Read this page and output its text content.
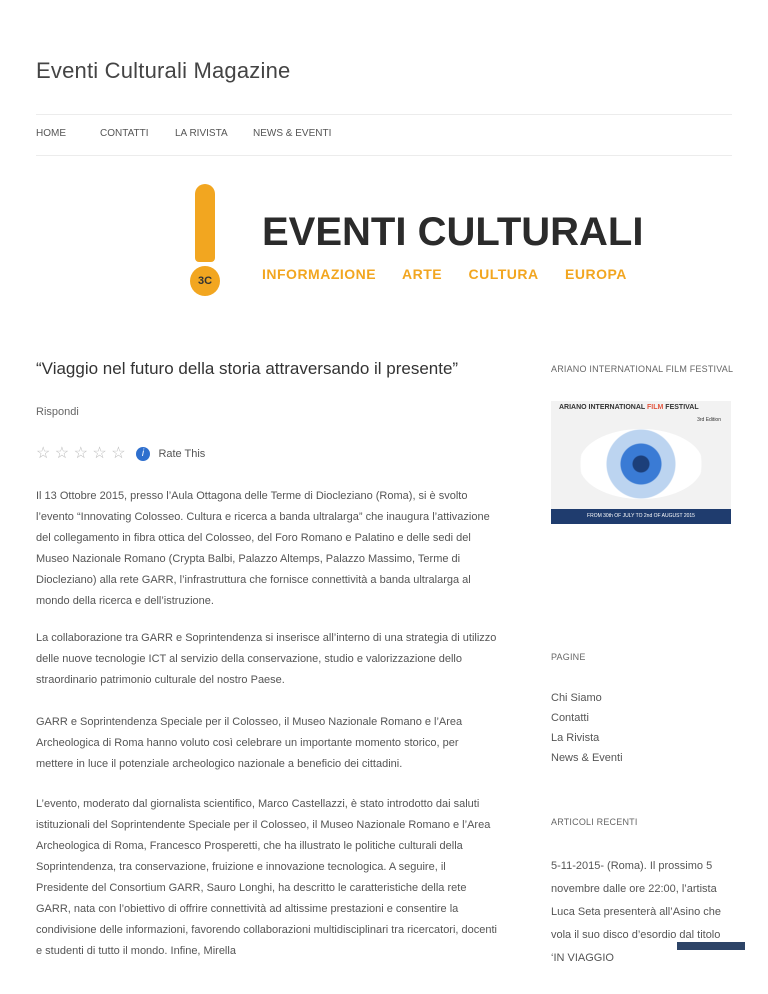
Eventi Culturali Magazine
HOME	CONTATTI	LA RIVISTA	NEWS & EVENTI
3C
EVENTI CULTURALI
INFORMAZIONE ARTE CULTURA EUROPA
“Viaggio nel futuro della storia attraversando il presente”
Rispondi
☆ ☆ ☆ ☆ ☆ i Rate This

Il 13 Ottobre 2015, presso l’Aula Ottagona delle Terme di Diocleziano (Roma), si è svolto l’evento “Innovating Colosseo. Cultura e ricerca a banda ultralarga” che inaugura l’attivazione del collegamento in fibra ottica del Colosseo, del Foro Romano e Palatino e delle sedi del Museo Nazionale Romano (Crypta Balbi, Palazzo Altemps, Palazzo Massimo, Terme di Diocleziano) alla rete GARR, l’infrastruttura che fornisce connettività a banda ultralarga al mondo della ricerca e dell’istruzione.

La collaborazione tra GARR e Soprintendenza si inserisce all’interno di una strategia di utilizzo delle nuove tecnologie ICT al servizio della conservazione, studio e valorizzazione dello straordinario patrimonio culturale del nostro Paese.

GARR e Soprintendenza Speciale per il Colosseo, il Museo Nazionale Romano e l’Area Archeologica di Roma hanno voluto così celebrare un importante momento storico, per mettere in luce il potenziale archeologico nazionale a beneficio dei cittadini.

L’evento, moderato dal giornalista scientifico, Marco Castellazzi, è stato introdotto dai saluti istituzionali del Soprintendente Speciale per il Colosseo, il Museo Nazionale Romano e l’Area Archeologica di Roma, Francesco Prosperetti, che ha illustrato le politiche culturali della Soprintendenza, tra conservazione, fruizione e innovazione tecnologica. A seguire, il Presidente del Consortium GARR, Sauro Longhi, ha descritto le caratteristiche della rete GARR, nata con l’obiettivo di offrire connettività ad altissime prestazioni e consentire la condivisione delle informazioni, favorendo collaborazioni multidisciplinari tra ricercatori, docenti e studenti di tutto il mondo. Infine, Mirella

ARIANO INTERNATIONAL FILM FESTIVAL
ARIANO INTERNATIONAL FILM FESTIVAL
3rd Edition
FROM 30th OF JULY TO 2nd OF AUGUST 2015
PAGINE
Chi Siamo
Contatti
La Rivista
News & Eventi
ARTICOLI RECENTI

5-11-2015- (Roma). Il prossimo 5 novembre dalle ore 22:00, l’artista Luca Seta presenterà all’Asino che vola il suo disco d’esordio dal titolo ‘IN VIAGGIO
